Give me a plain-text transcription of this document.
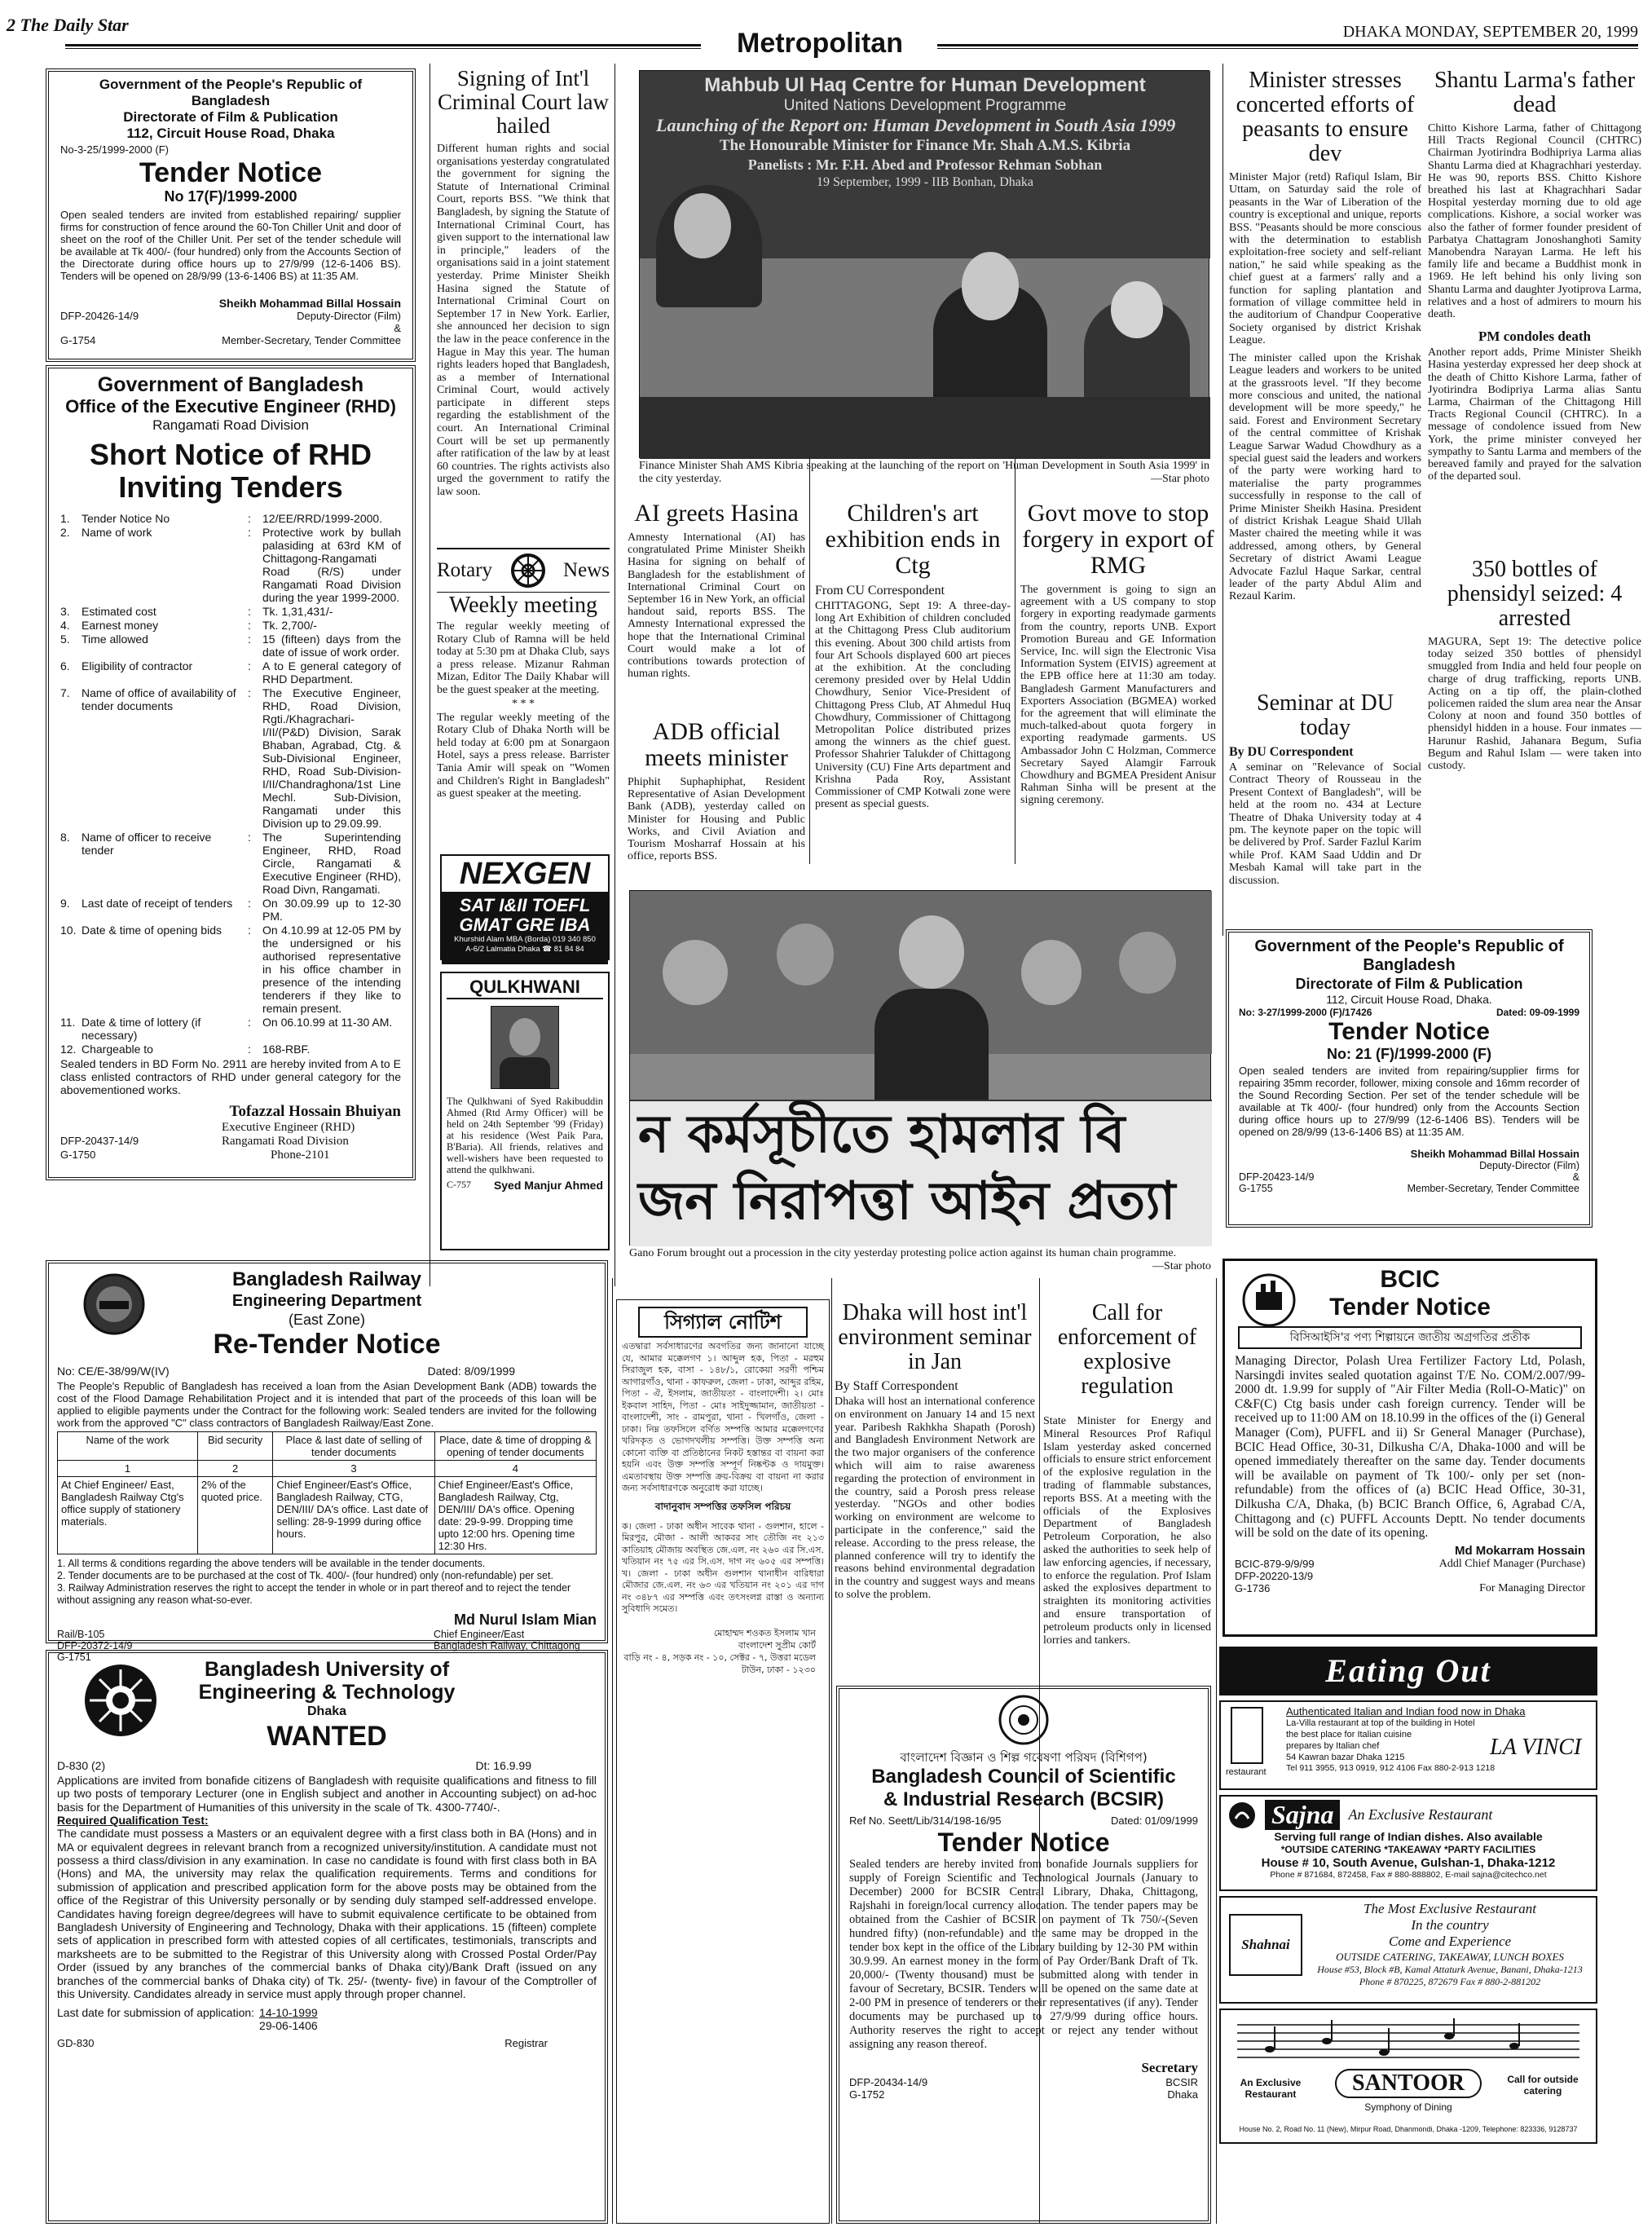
2 The Daily Star
Metropolitan	DHAKA MONDAY, SEPTEMBER 20, 1999
Government of the People's Republic of Bangladesh
Directorate of Film & Publication
112, Circuit House Road, Dhaka
No-3-25/1999-2000 (F)
Tender Notice
No 17(F)/1999-2000
Open sealed tenders are invited from established repairing/ supplier firms for construction of fence around the 60-Ton Chiller Unit and door of sheet on the roof of the Chiller Unit. Per set of the tender schedule will be available at Tk 400/- (four hundred) only from the Accounts Section of the Directorate during office hours up to 27/9/99 (12-6-1406 BS). Tenders will be opened on 28/9/99 (13-6-1406 BS) at 11:35 AM.
Sheikh Mohammad Billal Hossain
DFP-20426-14/9	Deputy-Director (Film)
&
G-1754	Member-Secretary, Tender Committee
Government of Bangladesh
Office of the Executive Engineer (RHD)
Rangamati Road Division
Short Notice of RHD
Inviting Tenders
1.	Tender Notice No	:	12/EE/RRD/1999-2000.
2.	Name of work	:	Protective work by bullah palasiding at 63rd KM of Chittagong-Rangamati Road (R/S) under Rangamati Road Division during the year 1999-2000.
3.	Estimated cost	:	Tk. 1,31,431/-
4.	Earnest money	:	Tk. 2,700/-
5.	Time allowed	:	15 (fifteen) days from the date of issue of work order.
6.	Eligibility of contractor	:	A to E general category of RHD Department.
7.	Name of office of availability of tender documents
:	The Executive Engineer, RHD, Road Division, Rgti./Khagrachari-I/II/(P&D) Division, Sarak Bhaban, Agrabad, Ctg. & Sub-Divisional Engineer, RHD, Road Sub-Division-I/II/Chandraghona/1st Line Mechl. Sub-Division, Rangamati under this Division up to 29.09.99.
8.	Name of officer to receive tender
:	The Superintending Engineer, RHD, Road Circle, Rangamati & Executive Engineer (RHD), Road Divn, Rangamati.
9.	Last date of receipt of tenders	:	On 30.09.99 up to 12-30 PM.
10. Date & time of opening bids	:	On 4.10.99 at 12-05 PM by the undersigned or his authorised representative in his office chamber in presence of the intending tenderers if they like to remain present.
11. Date & time of lottery (if necessary)
:	On 06.10.99 at 11-30 AM.
12. Chargeable to	:	168-RBF.
Sealed tenders in BD Form No. 2911 are hereby invited from A to E class enlisted contractors of RHD under general category for the abovementioned works.
Tofazzal Hossain Bhuiyan
Executive Engineer (RHD)
DFP-20437-14/9	Rangamati Road Division
G-1750	Phone-2101
Signing of Int'l Criminal Court law hailed
Different human rights and social organisations yesterday congratulated the government for signing the Statute of International Criminal Court, reports BSS. "We think that Bangladesh, by signing the Statute of International Criminal Court, has given support to the international law in principle," leaders of the organisations said in a joint statement yesterday. Prime Minister Sheikh Hasina signed the Statute of International Criminal Court on September 17 in New York. Earlier, she announced her decision to sign the law in the peace conference in the Hague in May this year. The human rights leaders hoped that Bangladesh, as a member of International Criminal Court, would actively participate in different steps regarding the establishment of the court. An International Criminal Court will be set up permanently after ratification of the law by at least 60 countries. The rights activists also urged the government to ratify the law soon.
Rotary	News
Weekly meeting
The regular weekly meeting of Rotary Club of Ramna will be held today at 5:30 pm at Dhaka Club, says a press release. Mizanur Rahman Mizan, Editor The Daily Khabar will be the guest speaker at the meeting.
* * *
The regular weekly meeting of the Rotary Club of Dhaka North will be held today at 6:00 pm at Sonargaon Hotel, says a press release. Barrister Tania Amir will speak on "Women and Children's Right in Bangladesh" as guest speaker at the meeting.
NEXGEN
SAT I&II TOEFL
GMAT GRE IBA
Khurshid Alam MBA (Borda) 019 340 850
A-6/2 Lalmatia Dhaka ☎ 81 84 84
QULKHWANI
The Qulkhwani of Syed Rakibuddin Ahmed (Rtd Army Officer) will be held on 24th September '99 (Friday) at his residence (West Paik Para, B'Baria). All friends, relatives and well-wishers have been requested to attend the qulkhwani.
C-757 Syed Manjur Ahmed
Mahbub Ul Haq Centre for Human Development
United Nations Development Programme
Launching of the Report on: Human Development in South Asia 1999
The Honourable Minister for Finance Mr. Shah A.M.S. Kibria
Panelists : Mr. F.H. Abed and Professor Rehman Sobhan
19 September, 1999 - IIB Bonhan, Dhaka
Finance Minister Shah AMS Kibria speaking at the launching of the report on 'Human Development in South Asia 1999' in the city yesterday.	—Star photo
AI greets Hasina
Amnesty International (AI) has congratulated Prime Minister Sheikh Hasina for signing on behalf of Bangladesh for the establishment of International Criminal Court on September 16 in New York, an official handout said, reports BSS. The Amnesty International expressed the hope that the International Criminal Court would make a lot of contributions towards protection of human rights.
ADB official meets minister
Phiphit Suphaphiphat, Resident Representative of Asian Development Bank (ADB), yesterday called on Minister for Housing and Public Works, and Civil Aviation and Tourism Mosharraf Hossain at his office, reports BSS.
Children's art exhibition ends in Ctg
From CU Correspondent
CHITTAGONG, Sept 19: A three-day-long Art Exhibition of children concluded at the Chittagong Press Club auditorium this evening. About 300 child artists from four Art Schools displayed 600 art pieces at the exhibition. At the concluding ceremony presided over by Helal Uddin Chowdhury, Senior Vice-President of Chittagong Press Club, AT Ahmedul Huq Chowdhury, Commissioner of Chittagong Metropolitan Police distributed prizes among the winners as the chief guest. Professor Shahrier Talukder of Chittagong University (CU) Fine Arts department and Krishna Pada Roy, Assistant Commissioner of CMP Kotwali zone were present as special guests.
Govt move to stop forgery in export of RMG
The government is going to sign an agreement with a US company to stop forgery in exporting readymade garments from the country, reports UNB. Export Promotion Bureau and GE Information Service, Inc. will sign the Electronic Visa Information System (EIVIS) agreement at the EPB office here at 11:30 am today. Bangladesh Garment Manufacturers and Exporters Association (BGMEA) worked for the agreement that will eliminate the much-talked-about quota forgery in exporting readymade garments. US Ambassador John C Holzman, Commerce Secretary Sayed Alamgir Farrouk Chowdhury and BGMEA President Anisur Rahman Sinha will be present at the signing ceremony.
ন কর্মসূচীতে হামলার বি
জন নিরাপত্তা আইন প্রত্যা
Gano Forum brought out a procession in the city yesterday protesting police action against its human chain programme.
—Star photo
Minister stresses concerted efforts of peasants to ensure dev
Minister Major (retd) Rafiqul Islam, Bir Uttam, on Saturday said the role of peasants in the War of Liberation of the country is exceptional and unique, reports BSS. "Peasants should be more conscious with the determination to establish exploitation-free society and self-reliant nation," he said while speaking as the chief guest at a farmers' rally and a function for sapling plantation and formation of village committee held in the auditorium of Chandpur Cooperative Society organised by district Krishak League.
The minister called upon the Krishak League leaders and workers to be united at the grassroots level. "If they become more conscious and united, the national development will be more speedy," he said. Forest and Environment Secretary of the central committee of Krishak League Sarwar Wadud Chowdhury as a special guest said the leaders and workers of the party were working hard to materialise the party programmes successfully in response to the call of Prime Minister Sheikh Hasina. President of district Krishak League Shaid Ullah Master chaired the meeting while it was addressed, among others, by General Secretary of district Awami League Advocate Fazlul Haque Sarkar, central leader of the party Abdul Alim and Rezaul Karim.
Seminar at DU today
By DU Correspondent
A seminar on "Relevance of Social Contract Theory of Rousseau in the Present Context of Bangladesh", will be held at the room no. 434 at Lecture Theatre of Dhaka University today at 4 pm. The keynote paper on the topic will be delivered by Prof. Sarder Fazlul Karim while Prof. KAM Saad Uddin and Dr Mesbah Kamal will take part in the discussion.
Shantu Larma's father dead
Chitto Kishore Larma, father of Chittagong Hill Tracts Regional Council (CHTRC) Chairman Jyotirindra Bodhipriya Larma alias Shantu Larma died at Khagrachhari yesterday. He was 90, reports BSS. Chitto Kishore breathed his last at Khagrachhari Sadar Hospital yesterday morning due to old age complications. Kishore, a social worker was also the father of former founder president of Parbatya Chattagram Jonoshanghoti Samity Manobendra Narayan Larma. He left his family life and became a Buddhist monk in 1969. He left behind his only living son Shantu Larma and daughter Jyotiprova Larma, relatives and a host of admirers to mourn his death.
PM condoles death
Another report adds, Prime Minister Sheikh Hasina yesterday expressed her deep shock at the death of Chitto Kishore Larma, father of Jyotirindra Bodipriya Larma alias Santu Larma, Chairman of the Chittagong Hill Tracts Regional Council (CHTRC). In a message of condolence issued from New York, the prime minister conveyed her sympathy to Santu Larma and members of the bereaved family and prayed for the salvation of the departed soul.
350 bottles of phensidyl seized: 4 arrested
MAGURA, Sept 19: The detective police today seized 350 bottles of phensidyl smuggled from India and held four people on charge of drug trafficking, reports UNB. Acting on a tip off, the plain-clothed policemen raided the slum area near the Ansar Colony at noon and found 350 bottles of phensidyl hidden in a house. Four inmates — Harunur Rashid, Jahanara Begum, Sufia Begum and Rahul Islam — were taken into custody.
Government of the People's Republic of Bangladesh
Directorate of Film & Publication
112, Circuit House Road, Dhaka.
No: 3-27/1999-2000 (F)/17426	Dated: 09-09-1999
Tender Notice
No: 21 (F)/1999-2000 (F)
Open sealed tenders are invited from repairing/supplier firms for repairing 35mm recorder, follower, mixing console and 16mm recorder of the Sound Recording Section. Per set of the tender schedule will be available at Tk 400/- (four hundred) only from the Accounts Section during office hours up to 27/9/99 (12-6-1406 BS). Tenders will be opened on 28/9/99 (13-6-1406 BS) at 11:35 AM.
Sheikh Mohammad Billal Hossain
Deputy-Director (Film)
DFP-20423-14/9	&
G-1755	Member-Secretary, Tender Committee
Bangladesh Railway
Engineering Department
(East Zone)
Re-Tender Notice
No: CE/E-38/99/W(IV)	Dated: 8/09/1999
The People's Republic of Bangladesh has received a loan from the Asian Development Bank (ADB) towards the cost of the Flood Damage Rehabilitation Project and it is intended that part of the proceeds of this loan will be applied to eligible payments under the Contract for the following work: Sealed tenders are invited for the following work from the approved "C" class contractors of Bangladesh Railway/East Zone.
Name of the work	Bid security	Place & last date of selling of tender documents	Place, date & time of dropping & opening of tender documents
1	2	3	4
At Chief Engineer/ East, Bangladesh Railway Ctg's office supply of stationery materials.	2% of the quoted price.	Chief Engineer/East's Office, Bangladesh Railway, CTG, DEN/III/ DA's office. Last date of selling: 28-9-1999 during office hours.	Chief Engineer/East's Office, Bangladesh Railway, Ctg, DEN/III/ DA's office. Opening date: 29-9-99. Dropping time upto 12:00 hrs. Opening time 12:30 Hrs.
1. All terms & conditions regarding the above tenders will be available in the tender documents.
2. Tender documents are to be purchased at the cost of Tk. 400/- (four hundred) only (non-refundable) per set.
3. Railway Administration reserves the right to accept the tender in whole or in part thereof and to reject the tender without assigning any reason what-so-ever.
Md Nurul Islam Mian
Rail/B-105	Chief Engineer/East
DFP-20372-14/9	Bangladesh Railway, Chittagong
G-1751
Bangladesh University of
Engineering & Technology
Dhaka
WANTED
D-830 (2)	Dt: 16.9.99
Applications are invited from bonafide citizens of Bangladesh with requisite qualifications and fitness to fill up two posts of temporary Lecturer (one in English subject and another in Accounting subject) on ad-hoc basis for the Department of Humanities of this university in the scale of Tk. 4300-7740/-.
Required Qualification Test:
The candidate must possess a Masters or an equivalent degree with a first class both in BA (Hons) and in MA or equivalent degrees in relevant branch from a recognized university/institution. A candidate must not possess a third class/division in any examination. In case no candidate is found with first class both in BA (Hons) and MA, the university may relax the qualification requirements. Terms and conditions for submission of application and prescribed application form for the above posts may be obtained from the office of the Registrar of this University personally or by sending duly stamped self-addressed envelope. Candidates having foreign degree/degrees will have to submit equivalence certificate to be obtained from Bangladesh University of Engineering and Technology, Dhaka with their applications. 15 (fifteen) complete sets of application in prescribed form with attested copies of all certificates, testimonials, transcripts and marksheets are to be submitted to the Registrar of this University along with Crossed Postal Order/Pay Order (issued by any branches of the commercial banks of Dhaka city)/Bank Draft (issued on any branches of the commercial banks of Dhaka city) of Tk. 25/- (twenty- five) in favour of the Comptroller of this University. Candidates already in service must apply through proper channel.
Last date for submission of application: 14-10-1999
29-06-1406
GD-830	Registrar
সিগ্যাল নোটিশ
এতদ্বারা সর্বসাধারণের অবগতির জন্য জানানো যাচ্ছে যে, আমার মক্কেলগণ ১। আব্দুল হক, পিতা - মরহুম সিরাজুল হক, বাসা - ১৪৮/১, রোকেয়া সরণী পশ্চিম আগারগাঁও, থানা - কাফরুল, জেলা - ঢাকা, আব্দুর রহিম, পিতা - ঐ, ইসলাম, জাতীয়তা - বাংলাদেশী। ২। মোঃ ইকবাল সাহিদ, পিতা - মোঃ সাইদুজ্জামান, জাতীয়তা - বাংলাদেশী, সাং - রামপুরা, থানা - খিলগাঁও, জেলা - ঢাকা। নিম্ন তফসিলে বর্ণিত সম্পত্তি আমার মক্কেলগণের খরিদকৃত ও ভোগদখলীয় সম্পত্তি। উক্ত সম্পত্তি অন্য কোনো ব্যক্তি বা প্রতিষ্ঠানের নিকট হস্তান্তর বা বায়না করা হয়নি এবং উক্ত সম্পত্তি সম্পূর্ণ নিষ্কণ্টক ও দায়মুক্ত। এমতাবস্থায় উক্ত সম্পত্তি ক্রয়-বিক্রয় বা বায়না না করার জন্য সর্বসাধারণকে অনুরোধ করা যাচ্ছে।
বাদানুবাদ সম্পত্তির তফসিল পরিচয়
ক। জেলা - ঢাকা অধীন সাবেক থানা - গুলশান, হালে - মিরপুর, মৌজা - আলী আকবর সাং তৌজি নং ২১৩ কাতিয়াহ মৌজায় অবস্থিত জে.এল. নং ২৬০ এর সি.এস. খতিয়ান নং ৭৫ এর সি.এস. দাগ নং ৬০৫ এর সম্পত্তি। খ। জেলা - ঢাকা অধীন গুলশান থানাধীন বারিধারা মৌজার জে.এল. নং ৬৩ এর খতিয়ান নং ২০১ এর দাগ নং ৩৪৮৭ এর সম্পত্তি এবং তৎসংলগ্ন রাস্তা ও অন্যান্য সুবিধাদি সমেত।
মোহাম্মদ শওকত ইসলাম খান
বাংলাদেশ সুপ্রীম কোর্ট
বাড়ি নং - ৪, সড়ক নং - ১০, সেক্টর - ৭, উত্তরা মডেল টাউন, ঢাকা - ১২৩০
Dhaka will host int'l environment seminar in Jan
By Staff Correspondent
Dhaka will host an international conference on environment on January 14 and 15 next year. Paribesh Rakhkha Shapath (Porosh) and Bangladesh Environment Network are the two major organisers of the conference which will aim to raise awareness regarding the protection of environment in the country, said a Porosh press release yesterday. "NGOs and other bodies working on environment are welcome to participate in the conference," said the release. According to the press release, the planned conference will try to identify the reasons behind environmental degradation in the country and suggest ways and means to solve the problem.
Call for enforcement of explosive regulation
State Minister for Energy and Mineral Resources Prof Rafiqul Islam yesterday asked concerned officials to ensure strict enforcement of the explosive regulation in the trading of flammable substances, reports BSS. At a meeting with the officials of the Explosives Department of Bangladesh Petroleum Corporation, he also asked the authorities to seek help of law enforcing agencies, if necessary, to enforce the regulation. Prof Islam asked the explosives department to straighten its monitoring activities and ensure transportation of petroleum products only in licensed lorries and tankers.
বাংলাদেশ বিজ্ঞান ও শিল্প গবেষণা পরিষদ (বিশিগপ)
Bangladesh Council of Scientific
& Industrial Research (BCSIR)
Ref No. Seett/Lib/314/198-16/95	Dated: 01/09/1999
Tender Notice
Sealed tenders are hereby invited from bonafide Journals suppliers for supply of Foreign Scientific and Technological Journals (January to December) 2000 for BCSIR Central Library, Dhaka, Chittagong, Rajshahi in foreign/local currency allocation. The tender papers may be obtained from the Cashier of BCSIR on payment of Tk 750/-(Seven hundred fifty) (non-refundable) and the same may be dropped in the tender box kept in the office of the Library building by 12-30 PM within 30.9.99. An earnest money in the form of Pay Order/Bank Draft of Tk. 20,000/- (Twenty thousand) must be submitted along with tender in favour of Secretary, BCSIR. Tenders will be opened on the same date at 2-00 PM in presence of tenderers or their representatives (if any). Tender documents may be purchased up to 27/9/99 during office hours. Authority reserves the right to accept or reject any tender without assigning any reason thereof.
Secretary
DFP-20434-14/9	BCSIR
G-1752	Dhaka
BCIC
Tender Notice
বিসিআইসি'র পণ্য শিল্পায়নে জাতীয় অগ্রগতির প্রতীক
Managing Director, Polash Urea Fertilizer Factory Ltd, Polash, Narsingdi invites sealed quotation against T/E No. COM/2.007/99-2000 dt. 1.9.99 for supply of "Air Filter Media (Roll-O-Matic)" on C&F(C) Ctg basis under cash foreign currency. Tender will be received up to 11:00 AM on 18.10.99 in the offices of the (i) General Manager (Com), PUFFL and ii) Sr General Manager (Purchase), BCIC Head Office, 30-31, Dilkusha C/A, Dhaka-1000 and will be opened immediately thereafter on the same day. Tender documents will be available on payment of Tk 100/- only per set (non-refundable) from the offices of (a) BCIC Head Office, 30-31, Dilkusha C/A, Dhaka, (b) BCIC Branch Office, 6, Agrabad C/A, Chittagong and (c) PUFFL Accounts Deptt. No tender documents will be sold on the date of its opening.
Md Mokarram Hossain
BCIC-879-9/9/99	Addl Chief Manager (Purchase)
DFP-20220-13/9
G-1736	For Managing Director
Eating Out
restaurant
Authenticated Italian and Indian food now in Dhaka
La-Villa restaurant at top of the building in Hotel
the best place for Italian cuisine prepares by Italian chef
54 Kawran bazar Dhaka 1215
Tel 911 3955, 913 0919, 912 4106 Fax 880-2-913 1218
LA VINCI
Sajna	An Exclusive Restaurant
Serving full range of Indian dishes. Also available
*OUTSIDE CATERING *TAKEAWAY *PARTY FACILITIES
House # 10, South Avenue, Gulshan-1, Dhaka-1212
Phone # 871684, 872458, Fax # 880-888802, E-mail sajna@citechco.net
Shahnai
The Most Exclusive Restaurant
In the country
Come and Experience
OUTSIDE CATERING, TAKEAWAY, LUNCH BOXES
House #53, Block #B, Kamal Attaturk Avenue, Banani, Dhaka-1213
Phone # 870225, 872679 Fax # 880-2-881202
An Exclusive Restaurant	SANTOOR
Symphony of Dining
Call for outside catering
House No. 2, Road No. 11 (New), Mirpur Road, Dhanmondi, Dhaka -1209, Telephone: 823336, 9128737
